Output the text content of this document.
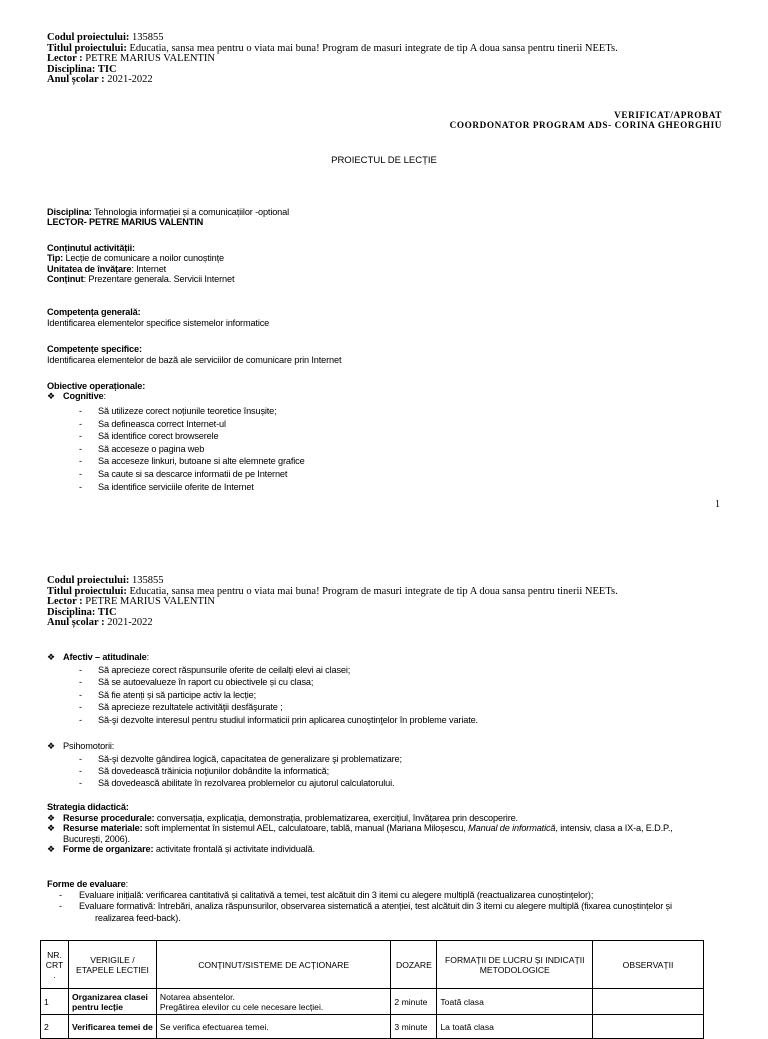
Codul proiectului: 135855
Titlul proiectului: Educatia, sansa mea pentru o viata mai buna! Program de masuri integrate de tip A doua sansa pentru tinerii NEETs.
Lector : PETRE MARIUS VALENTIN
Disciplina: TIC
Anul școlar : 2021-2022
VERIFICAT/APROBAT
COORDONATOR PROGRAM ADS- CORINA GHEORGHIU
PROIECTUL DE LECȚIE
Disciplina: Tehnologia informației și a comunicațiilor -optional
LECTOR- PETRE MARIUS VALENTIN
Conținutul activității:
Tip: Lecție de comunicare a noilor cunoștințe
Unitatea de învățare: Internet
Conținut: Prezentare generala. Servicii Internet
Competența generală:
Identificarea elementelor specifice sistemelor informatice
Competențe specifice:
Identificarea elementelor de bază ale serviciilor de comunicare prin Internet
Obiective operaționale:
❖ Cognitive:
- Să utilizeze corect noțiunile teoretice însușite;
- Sa defineasca correct Internet-ul
- Să identifice corect browserele
- Să acceseze o pagina web
- Sa acceseze linkuri, butoane si alte elemnete grafice
- Sa caute si sa descarce informatii de pe Internet
- Sa identifice serviciile oferite de Internet
1
Codul proiectului: 135855
Titlul proiectului: Educatia, sansa mea pentru o viata mai buna! Program de masuri integrate de tip A doua sansa pentru tinerii NEETs.
Lector : PETRE MARIUS VALENTIN
Disciplina: TIC
Anul școlar : 2021-2022
❖ Afectiv – atitudinale:
- Să aprecieze corect răspunsurile oferite de ceilalți elevi ai clasei;
- Să se autoevalueze în raport cu obiectivele și cu clasa;
- Să fie atenți și să participe activ la lecție;
- Să aprecieze rezultatele activităţii desfăşurate ;
- Să-şi dezvolte interesul pentru studiul informaticii prin aplicarea cunoştinţelor în probleme variate.
❖ Psihomotorii:
- Să-şi dezvolte gândirea logică, capacitatea de generalizare şi problematizare;
- Să dovedească trăinicia noţiunilor dobândite la informatică;
- Să dovedească abilitate în rezolvarea problemelor cu ajutorul calculatorului.
Strategia didactică:
❖ Resurse procedurale: conversația, explicația, demonstrația, problematizarea, exercițiul, învățarea prin descoperire.
❖ Resurse materiale: soft implementat în sistemul AEL, calculatoare, tablă, manual (Mariana Miloșescu, Manual de informatică, intensiv, clasa a IX-a, E.D.P.,
Bucureşti, 2006).
❖ Forme de organizare: activitate frontală și activitate individuală.
Forme de evaluare:
- Evaluare inițială: verificarea cantitativă și calitativă a temei, test alcătuit din 3 itemi cu alegere multiplă (reactualizarea cunoștințelor);
- Evaluare formativă: întrebări, analiza răspunsurilor, observarea sistematică a atenției, test alcătuit din 3 itemi cu alegere multiplă (fixarea cunoștințelor și
realizarea feed-back).
NR. CRT .	VERIGILE / ETAPELE LECTIEI	CONȚINUT/SISTEME DE ACȚIONARE	DOZARE	FORMAȚII DE LUCRU ȘI INDICAȚII METODOLOGICE	OBSERVAȚII
1	Organizarea clasei pentru lecție	Notarea absentelor.
Pregătirea elevilor cu cele necesare lecției.	2 minute	Toată clasa	
2	Verificarea temei de	Se verifica efectuarea temei.	3 minute	La toată clasa	
